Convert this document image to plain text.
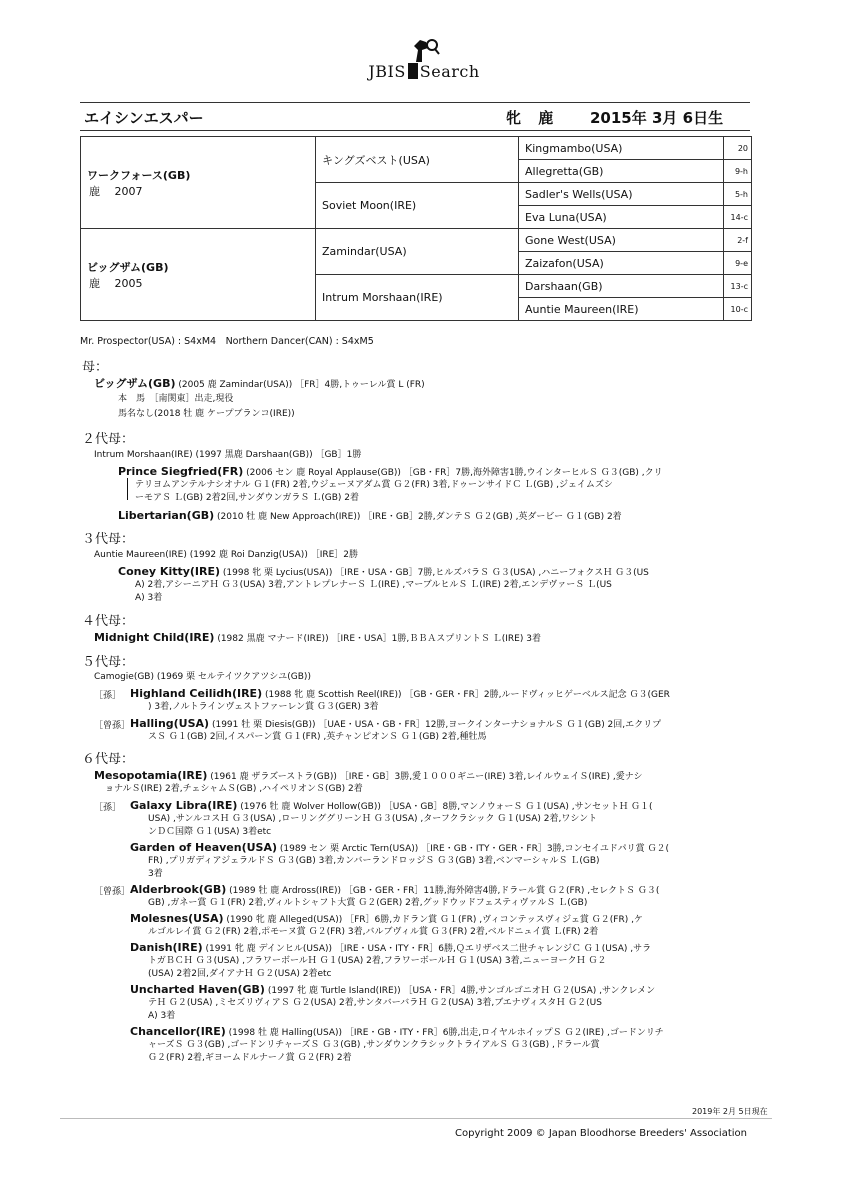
JBIS Search
エイシンエスパー	牝 鹿 2015年 3月 6日生
ワークフォース(GB)
鹿　 2007	キングズベスト(USA)	Kingmambo(USA)	20
		Allegretta(GB)	9-h
	Soviet Moon(IRE)	Sadler's Wells(USA)	5-h
		Eva Luna(USA)	14-c

ビッグザム(GB)
鹿　 2005	Zamindar(USA)	Gone West(USA)	2-f
		Zaizafon(USA)	9-e
	Intrum Morshaan(IRE)	Darshaan(GB)	13-c
		Auntie Maureen(IRE)	10-c
Mr. Prospector(USA) : S4xM4　Northern Dancer(CAN) : S4xM5
母：
ビッグザム(GB) (2005 鹿 Zamindar(USA)) ［FR］4勝,トゥーレル賞 L (FR)
本　馬　［南関東］出走,現役
馬名なし(2018 牡 鹿 ケープブランコ(IRE))
２代母：
Intrum Morshaan(IRE) (1997 黒鹿 Darshaan(GB)) ［GB］1勝
Prince Siegfried(FR) (2006 セン 鹿 Royal Applause(GB)) ［GB・FR］7勝,海外障害1勝,ウインターヒルＳ Ｇ３(GB) ,クリ
テリヨムアンテルナシオナル Ｇ１(FR) 2着,ウジェーヌアダム賞 Ｇ２(FR) 3着,ドゥーンサイドＣ Ｌ(GB) ,ジェイムズシ
ーモアＳ Ｌ(GB) 2着2回,サンダウンガラＳ Ｌ(GB) 2着
Libertarian(GB) (2010 牡 鹿 New Approach(IRE)) ［IRE・GB］2勝,ダンテＳ Ｇ２(GB) ,英ダービー Ｇ１(GB) 2着
３代母：
Auntie Maureen(IRE) (1992 鹿 Roi Danzig(USA)) ［IRE］2勝
Coney Kitty(IRE) (1998 牝 栗 Lycius(USA)) ［IRE・USA・GB］7勝,ヒルズバラＳ Ｇ３(USA) ,ハニーフォクスＨ Ｇ３(US
A) 2着,アシーニアＨ Ｇ３(USA) 3着,アントレプレナーＳ Ｌ(IRE) ,マーブルヒルＳ Ｌ(IRE) 2着,エンデヴァーＳ Ｌ(US
A) 3着
４代母：
Midnight Child(IRE) (1982 黒鹿 マナード(IRE)) ［IRE・USA］1勝,ＢＢＡスプリントＳ Ｌ(IRE) 3着
５代母：
Camogie(GB) (1969 栗 セルテイツクアツシユ(GB))
［孫］ Highland Ceilidh(IRE) (1988 牝 鹿 Scottish Reel(IRE)) ［GB・GER・FR］2勝,ルードヴィッヒゲーベルス記念 Ｇ３(GER
) 3着,ノルトラインヴェストファーレン賞 Ｇ３(GER) 3着
［曾孫］ Halling(USA) (1991 牡 栗 Diesis(GB)) ［UAE・USA・GB・FR］12勝,ヨークインターナショナルＳ Ｇ１(GB) 2回,エクリプ
スＳ Ｇ１(GB) 2回,イスパーン賞 Ｇ１(FR) ,英チャンピオンＳ Ｇ１(GB) 2着,種牡馬
６代母：
Mesopotamia(IRE) (1961 鹿 ザラズーストラ(GB)) ［IRE・GB］3勝,愛１０００ギニー(IRE) 3着,レイルウェイＳ(IRE) ,愛ナシ
ョナルＳ(IRE) 2着,チェシャムＳ(GB) ,ハイペリオンＳ(GB) 2着
［孫］ Galaxy Libra(IRE) (1976 牡 鹿 Wolver Hollow(GB)) ［USA・GB］8勝,マンノウォーＳ Ｇ１(USA) ,サンセットＨ Ｇ１(
USA) ,サンルコスＨ Ｇ３(USA) ,ローリンググリーンＨ Ｇ３(USA) ,ターフクラシック Ｇ１(USA) 2着,ワシント
ンＤＣ国際 Ｇ１(USA) 3着etc
Garden of Heaven(USA) (1989 セン 栗 Arctic Tern(USA)) ［IRE・GB・ITY・GER・FR］3勝,コンセイユドパリ賞 Ｇ２(
FR) ,プリガディアジェラルドＳ Ｇ３(GB) 3着,カンバーランドロッジＳ Ｇ３(GB) 3着,ベンマーシャルＳ Ｌ(GB)
3着
［曾孫］ Alderbrook(GB) (1989 牡 鹿 Ardross(IRE)) ［GB・GER・FR］11勝,海外障害4勝,ドラール賞 Ｇ２(FR) ,セレクトＳ Ｇ３(
GB) ,ガネー賞 Ｇ１(FR) 2着,ヴィルトシャフト大賞 Ｇ２(GER) 2着,グッドウッドフェスティヴァルＳ Ｌ(GB)
Molesnes(USA) (1990 牝 鹿 Alleged(USA)) ［FR］6勝,カドラン賞 Ｇ１(FR) ,ヴィコンテッスヴィジェ賞 Ｇ２(FR) ,ケ
ルゴルレイ賞 Ｇ２(FR) 2着,ポモーヌ賞 Ｇ２(FR) 3着,バルブヴィル賞 Ｇ３(FR) 2着,ベルドニュイ賞 Ｌ(FR) 2着
Danish(IRE) (1991 牝 鹿 デインヒル(USA)) ［IRE・USA・ITY・FR］6勝,Ｑエリザベス二世チャレンジＣ Ｇ１(USA) ,サラ
トガＢＣＨ Ｇ３(USA) ,フラワーボールＨ Ｇ１(USA) 2着,フラワーボールＨ Ｇ１(USA) 3着,ニューヨークＨ Ｇ２
(USA) 2着2回,ダイアナＨ Ｇ２(USA) 2着etc
Uncharted Haven(GB) (1997 牝 鹿 Turtle Island(IRE)) ［USA・FR］4勝,サンゴルゴニオＨ Ｇ２(USA) ,サンクレメン
テＨ Ｇ２(USA) ,ミセズリヴィアＳ Ｇ２(USA) 2着,サンタバーバラＨ Ｇ２(USA) 3着,ブエナヴィスタＨ Ｇ２(US
A) 3着
Chancellor(IRE) (1998 牡 鹿 Halling(USA)) ［IRE・GB・ITY・FR］6勝,出走,ロイヤルホイップＳ Ｇ２(IRE) ,ゴードンリチ
ャーズＳ Ｇ３(GB) ,ゴードンリチャーズＳ Ｇ３(GB) ,サンダウンクラシックトライアルＳ Ｇ３(GB) ,ドラール賞
Ｇ２(FR) 2着,ギヨームドルナーノ賞 Ｇ２(FR) 2着
2019年 2月 5日現在
Copyright 2009 © Japan Bloodhorse Breeders' Association
